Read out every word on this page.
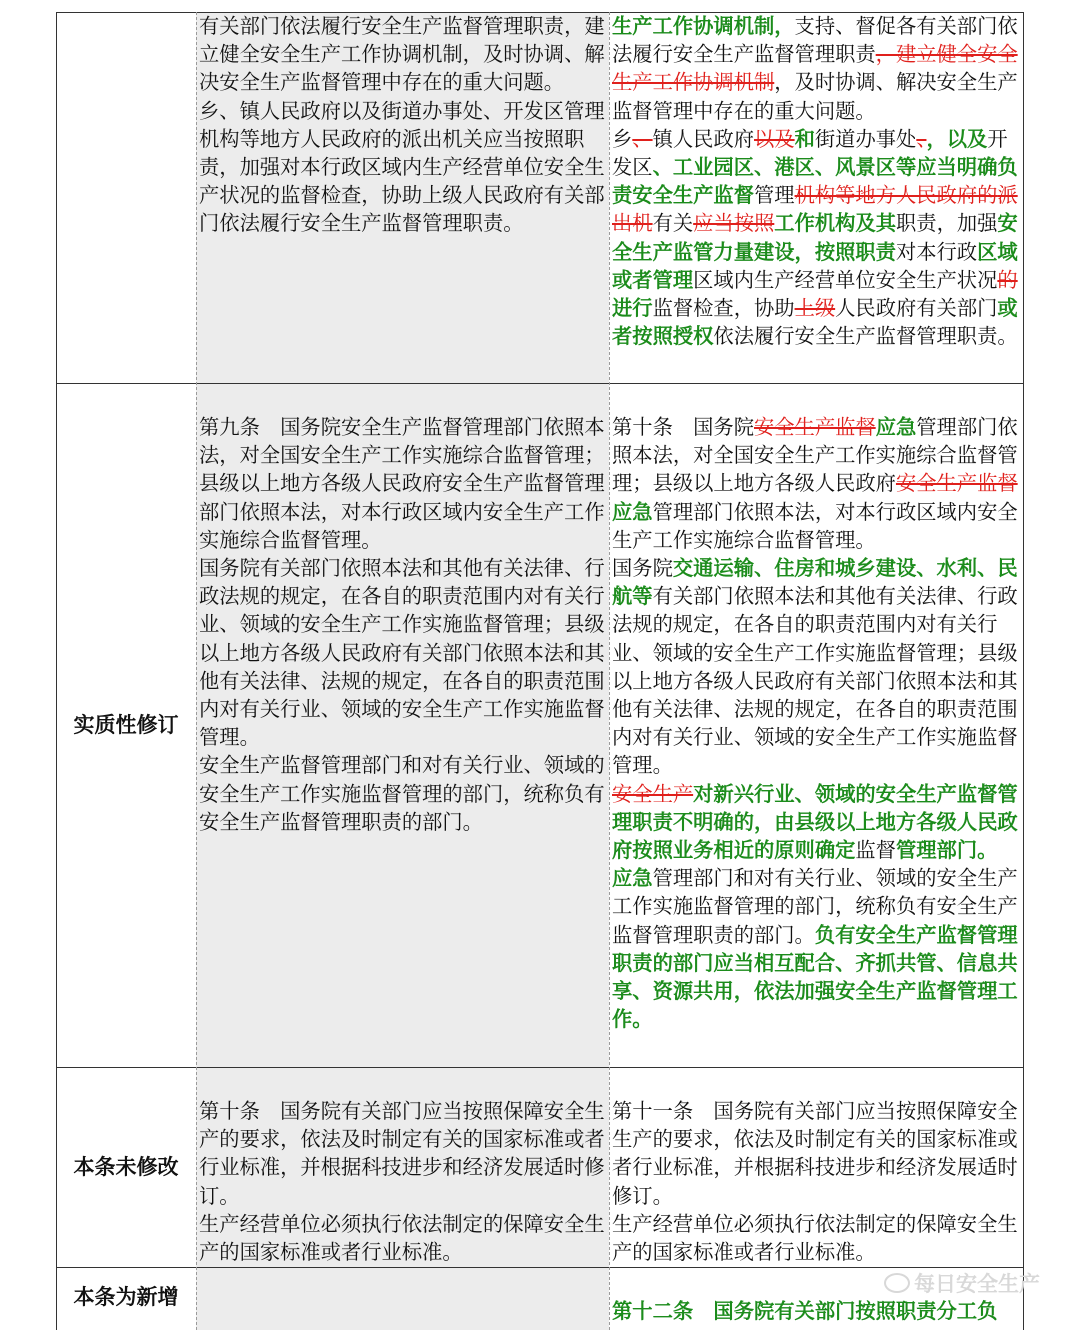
有关部门依法履行安全生产监督管理职责，建立健全安全生产工作协调机制，及时协调、解决安全生产监督管理中存在的重大问题。
乡、镇人民政府以及街道办事处、开发区管理机构等地方人民政府的派出机关应当按照职责，加强对本行政区域内生产经营单位安全生产状况的监督检查，协助上级人民政府有关部门依法履行安全生产监督管理职责。
生产工作协调机制，支持、督促各有关部门依法履行安全生产监督管理职责，建立健全安全生产工作协调机制，及时协调、解决安全生产监督管理中存在的重大问题。
乡、镇人民政府以及和街道办事处、，以及开发区、工业园区、港区、风景区等应当明确负责安全生产监督管理机构等地方人民政府的派出机有关应当按照工作机构及其职责，加强安全生产监管力量建设，按照职责对本行政区域或者管理区域内生产经营单位安全生产状况的进行监督检查，协助上级人民政府有关部门或者按照授权依法履行安全生产监督管理职责。
实质性修订
第九条　国务院安全生产监督管理部门依照本法，对全国安全生产工作实施综合监督管理；县级以上地方各级人民政府安全生产监督管理部门依照本法，对本行政区域内安全生产工作实施综合监督管理。
国务院有关部门依照本法和其他有关法律、行政法规的规定，在各自的职责范围内对有关行业、领域的安全生产工作实施监督管理；县级以上地方各级人民政府有关部门依照本法和其他有关法律、法规的规定，在各自的职责范围内对有关行业、领域的安全生产工作实施监督管理。
安全生产监督管理部门和对有关行业、领域的安全生产工作实施监督管理的部门，统称负有安全生产监督管理职责的部门。
第十条　国务院安全生产监督应急管理部门依照本法，对全国安全生产工作实施综合监督管理；县级以上地方各级人民政府安全生产监督应急管理部门依照本法，对本行政区域内安全生产工作实施综合监督管理。
国务院交通运输、住房和城乡建设、水利、民航等有关部门依照本法和其他有关法律、行政法规的规定，在各自的职责范围内对有关行业、领域的安全生产工作实施监督管理；县级以上地方各级人民政府有关部门依照本法和其他有关法律、法规的规定，在各自的职责范围内对有关行业、领域的安全生产工作实施监督管理。
安全生产对新兴行业、领域的安全生产监督管理职责不明确的，由县级以上地方各级人民政府按照业务相近的原则确定监督管理部门。
应急管理部门和对有关行业、领域的安全生产工作实施监督管理的部门，统称负有安全生产监督管理职责的部门。负有安全生产监督管理职责的部门应当相互配合、齐抓共管、信息共享、资源共用，依法加强安全生产监督管理工作。
本条未修改
第十条　国务院有关部门应当按照保障安全生产的要求，依法及时制定有关的国家标准或者行业标准，并根据科技进步和经济发展适时修订。
生产经营单位必须执行依法制定的保障安全生产的国家标准或者行业标准。
第十一条　国务院有关部门应当按照保障安全生产的要求，依法及时制定有关的国家标准或者行业标准，并根据科技进步和经济发展适时修订。
生产经营单位必须执行依法制定的保障安全生产的国家标准或者行业标准。
本条为新增
第十二条　国务院有关部门按照职责分工负
每日安全生产
